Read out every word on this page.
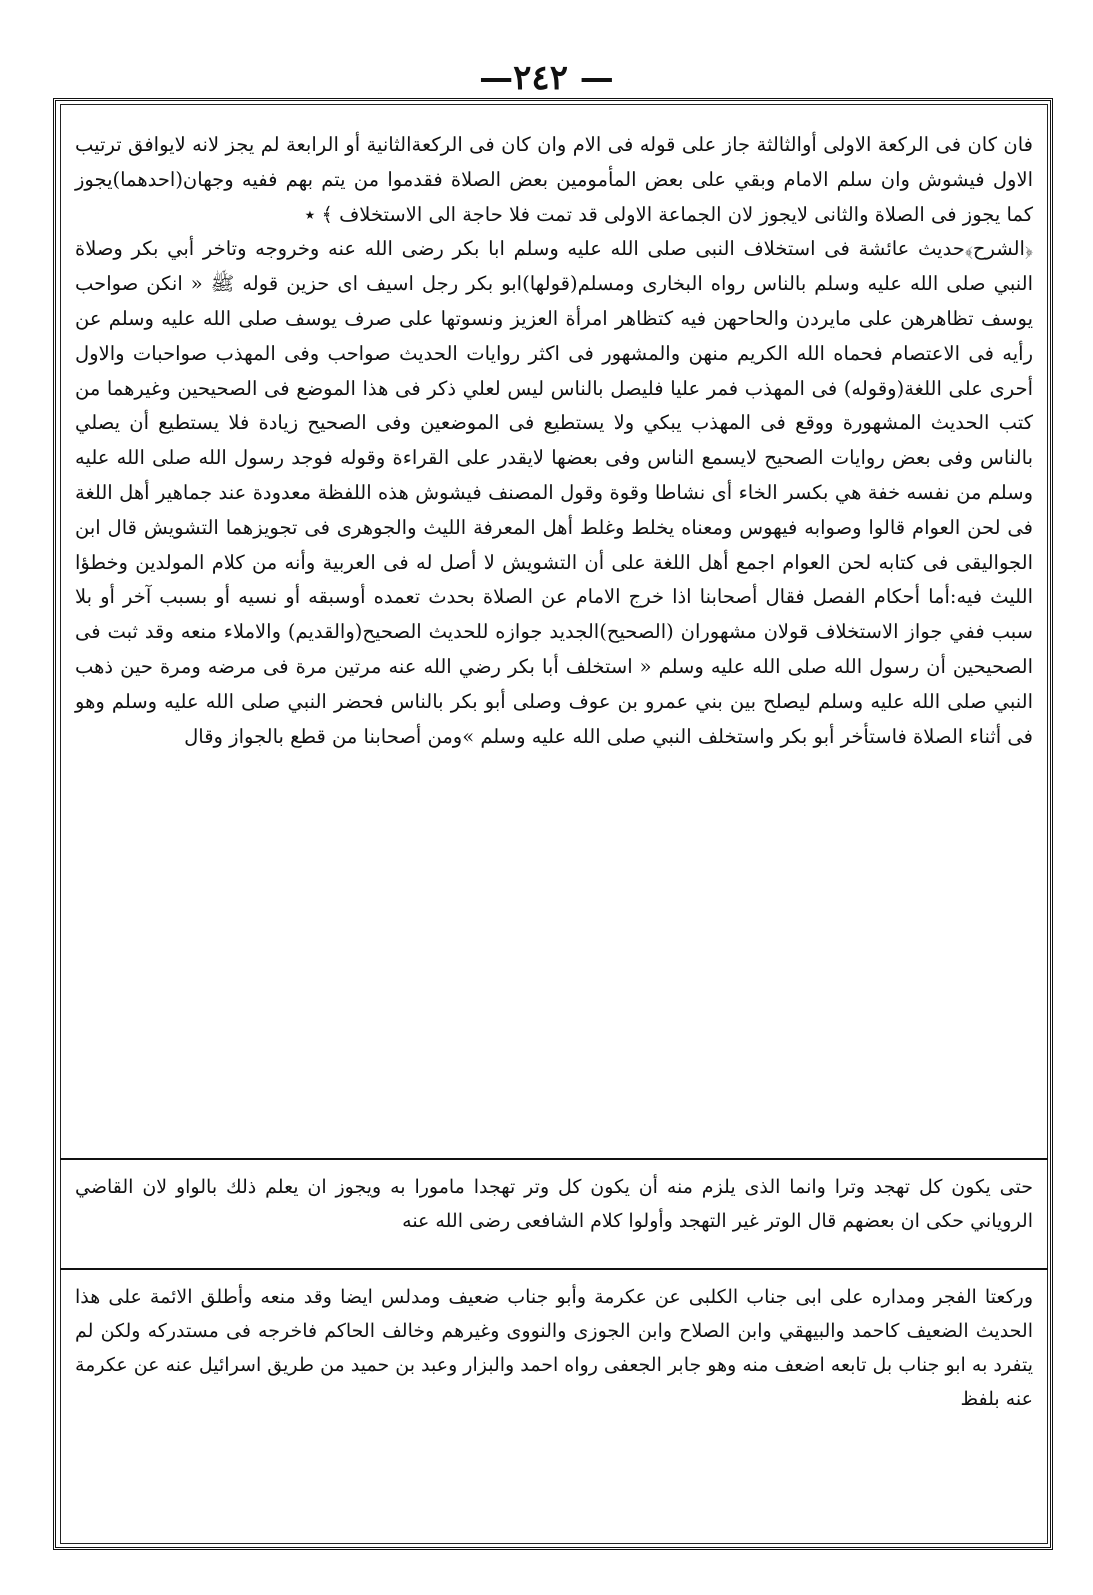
—٢٤٢ —

فان كان فى الركعة الاولى أوالثالثة جاز على قوله فى الام وان كان فى الركعةالثانية أو الرابعة لم يجز لانه لايوافق ترتيب الاول فيشوش وان سلم الامام وبقي على بعض المأمومين بعض الصلاة فقدموا من يتم بهم ففيه وجهان(احدهما)يجوز كما يجوز فى الصلاة والثانى لايجوز لان الجماعة الاولى قد تمت فلا حاجة الى الاستخلاف ﴾ ٭

﴿الشرح﴾حديث عائشة فى استخلاف النبى صلى الله عليه وسلم ابا بكر رضى الله عنه وخروجه وتاخر أبي بكر وصلاة النبي صلى الله عليه وسلم بالناس رواه البخارى ومسلم(قولها)ابو بكر رجل اسيف اى حزين قوله ﷺ « انكن صواحب يوسف تظاهرهن على مايردن والحاحهن فيه كتظاهر امرأة العزيز ونسوتها على صرف يوسف صلى الله عليه وسلم عن رأيه فى الاعتصام فحماه الله الكريم منهن والمشهور فى اكثر روايات الحديث صواحب وفى المهذب صواحبات والاول أحرى على اللغة(وقوله) فى المهذب فمر عليا فليصل بالناس ليس لعلي ذكر فى هذا الموضع فى الصحيحين وغيرهما من كتب الحديث المشهورة ووقع فى المهذب يبكي ولا يستطيع فى الموضعين وفى الصحيح زيادة فلا يستطيع أن يصلي بالناس وفى بعض روايات الصحيح لايسمع الناس وفى بعضها لايقدر على القراءة وقوله فوجد رسول الله صلى الله عليه وسلم من نفسه خفة هي بكسر الخاء أى نشاطا وقوة وقول المصنف فيشوش هذه اللفظة معدودة عند جماهير أهل اللغة فى لحن العوام قالوا وصوابه فيهوس ومعناه يخلط وغلط أهل المعرفة الليث والجوهرى فى تجويزهما التشويش قال ابن الجواليقى فى كتابه لحن العوام اجمع أهل اللغة على أن التشويش لا أصل له فى العربية وأنه من كلام المولدين وخطؤا الليث فيه:أما أحكام الفصل فقال أصحابنا اذا خرج الامام عن الصلاة بحدث تعمده أوسبقه أو نسيه أو بسبب آخر أو بلا سبب ففي جواز الاستخلاف قولان مشهوران (الصحيح)الجديد جوازه للحديث الصحيح(والقديم) والاملاء منعه وقد ثبت فى الصحيحين أن رسول الله صلى الله عليه وسلم « استخلف أبا بكر رضي الله عنه مرتين مرة فى مرضه ومرة حين ذهب النبي صلى الله عليه وسلم ليصلح بين بني عمرو بن عوف وصلى أبو بكر بالناس فحضر النبي صلى الله عليه وسلم وهو فى أثناء الصلاة فاستأخر أبو بكر واستخلف النبي صلى الله عليه وسلم »ومن أصحابنا من قطع بالجواز وقال

حتى يكون كل تهجد وترا وانما الذى يلزم منه أن يكون كل وتر تهجدا مامورا به ويجوز ان يعلم ذلك بالواو لان القاضي الروياني حكى ان بعضهم قال الوتر غير التهجد وأولوا كلام الشافعى رضى الله عنه

وركعتا الفجر ومداره على ابى جناب الكلبى عن عكرمة وأبو جناب ضعيف ومدلس ايضا وقد منعه وأطلق الائمة على هذا الحديث الضعيف كاحمد والبيهقي وابن الصلاح وابن الجوزى والنووى وغيرهم وخالف الحاكم فاخرجه فى مستدركه ولكن لم يتفرد به ابو جناب بل تابعه اضعف منه وهو جابر الجعفى رواه احمد والبزار وعبد بن حميد من طريق اسرائيل عنه عن عكرمة عنه بلفظ
